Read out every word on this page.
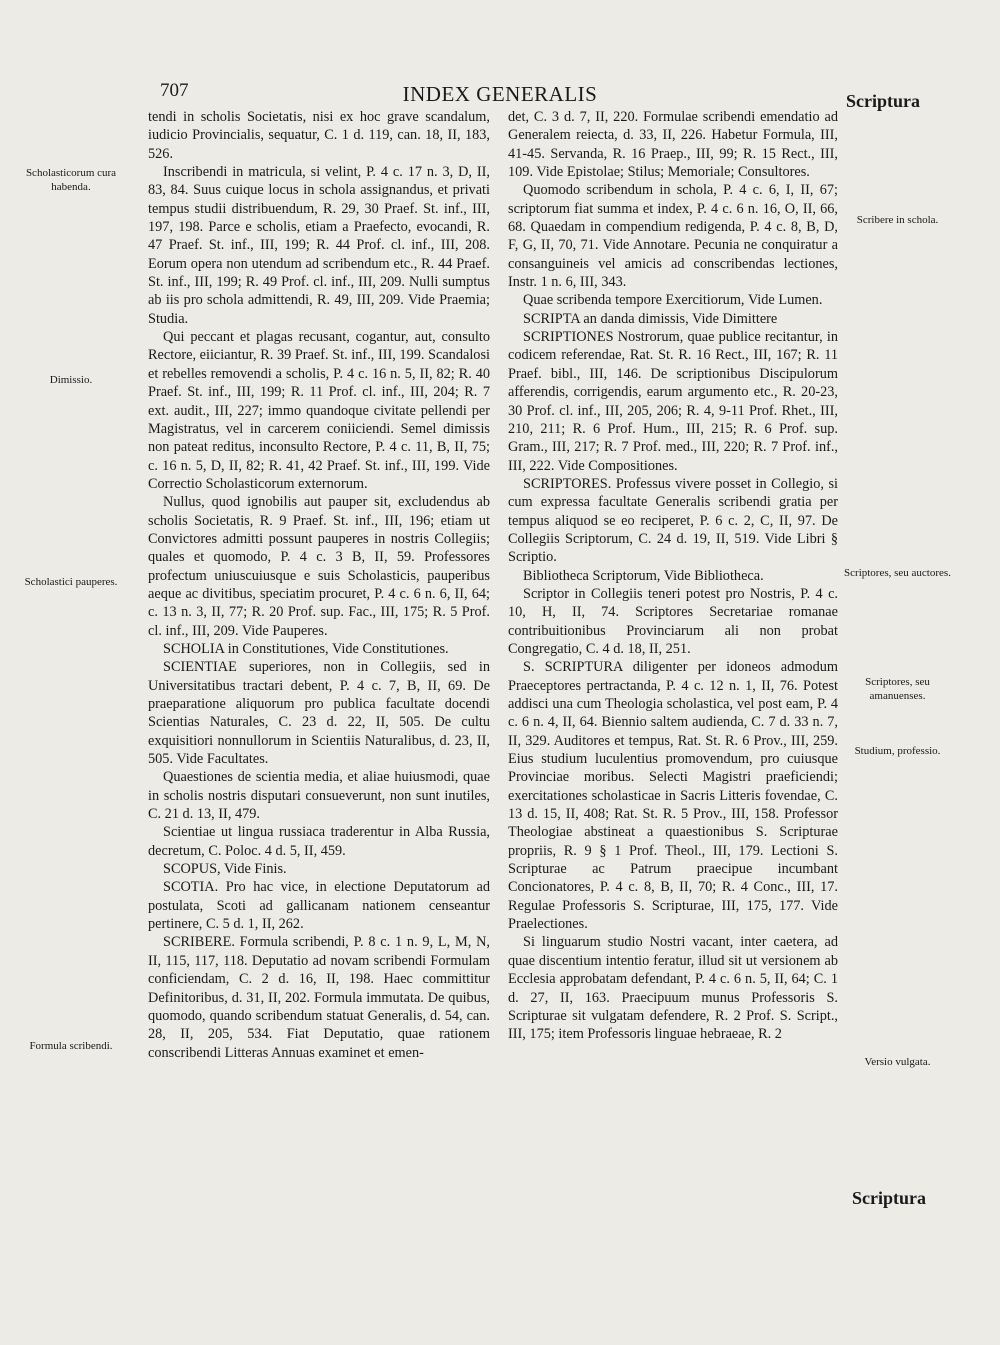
707	INDEX GENERALIS	Scriptura
Scholasticorum cura habenda.
Dimissio.
Scholastici pauperes.
Formula scribendi.
Scribere in schola.
Scriptores, seu auctores.
Scriptores, seu amanuenses.
Studium, professio.
Versio vulgata.

tendi in scholis Societatis, nisi ex hoc grave scandalum, iudicio Provincialis, sequatur, C. 1 d. 119, can. 18, II, 183, 526.

Inscribendi in matricula, si velint, P. 4 c. 17 n. 3, D, II, 83, 84. Suus cuique locus in schola assignandus, et privati tempus studii distribuendum, R. 29, 30 Praef. St. inf., III, 197, 198. Parce e scholis, etiam a Praefecto, evocandi, R. 47 Praef. St. inf., III, 199; R. 44 Prof. cl. inf., III, 208. Eorum opera non utendum ad scribendum etc., R. 44 Praef. St. inf., III, 199; R. 49 Prof. cl. inf., III, 209. Nulli sumptus ab iis pro schola admittendi, R. 49, III, 209. Vide Praemia; Studia.

Qui peccant et plagas recusant, cogantur, aut, consulto Rectore, eiiciantur, R. 39 Praef. St. inf., III, 199. Scandalosi et rebelles removendi a scholis, P. 4 c. 16 n. 5, II, 82; R. 40 Praef. St. inf., III, 199; R. 11 Prof. cl. inf., III, 204; R. 7 ext. audit., III, 227; immo quandoque civitate pellendi per Magistratus, vel in carcerem coniiciendi. Semel dimissis non pateat reditus, inconsulto Rectore, P. 4 c. 11, B, II, 75; c. 16 n. 5, D, II, 82; R. 41, 42 Praef. St. inf., III, 199. Vide Correctio Scholasticorum externorum.

Nullus, quod ignobilis aut pauper sit, excludendus ab scholis Societatis, R. 9 Praef. St. inf., III, 196; etiam ut Convictores admitti possunt pauperes in nostris Collegiis; quales et quomodo, P. 4 c. 3 B, II, 59. Professores profectum uniuscuiusque e suis Scholasticis, pauperibus aeque ac divitibus, speciatim procuret, P. 4 c. 6 n. 6, II, 64; c. 13 n. 3, II, 77; R. 20 Prof. sup. Fac., III, 175; R. 5 Prof. cl. inf., III, 209. Vide Pauperes.

SCHOLIA in Constitutiones, Vide Constitutiones.

SCIENTIAE superiores, non in Collegiis, sed in Universitatibus tractari debent, P. 4 c. 7, B, II, 69. De praeparatione aliquorum pro publica facultate docendi Scientias Naturales, C. 23 d. 22, II, 505. De cultu exquisitiori nonnullorum in Scientiis Naturalibus, d. 23, II, 505. Vide Facultates.

Quaestiones de scientia media, et aliae huiusmodi, quae in scholis nostris disputari consueverunt, non sunt inutiles, C. 21 d. 13, II, 479.

Scientiae ut lingua russiaca traderentur in Alba Russia, decretum, C. Poloc. 4 d. 5, II, 459.

SCOPUS, Vide Finis.

SCOTIA. Pro hac vice, in electione Deputatorum ad postulata, Scoti ad gallicanam nationem censeantur pertinere, C. 5 d. 1, II, 262.

SCRIBERE. Formula scribendi, P. 8 c. 1 n. 9, L, M, N, II, 115, 117, 118. Deputatio ad novam scribendi Formulam conficiendam, C. 2 d. 16, II, 198. Haec committitur Definitoribus, d. 31, II, 202. Formula immutata. De quibus, quomodo, quando scribendum statuat Generalis, d. 54, can. 28, II, 205, 534. Fiat Deputatio, quae rationem conscribendi Litteras Annuas examinet et emen-

det, C. 3 d. 7, II, 220. Formulae scribendi emendatio ad Generalem reiecta, d. 33, II, 226. Habetur Formula, III, 41-45. Servanda, R. 16 Praep., III, 99; R. 15 Rect., III, 109. Vide Epistolae; Stilus; Memoriale; Consultores.

Quomodo scribendum in schola, P. 4 c. 6, I, II, 67; scriptorum fiat summa et index, P. 4 c. 6 n. 16, O, II, 66, 68. Quaedam in compendium redigenda, P. 4 c. 8, B, D, F, G, II, 70, 71. Vide Annotare. Pecunia ne conquiratur a consanguineis vel amicis ad conscribendas lectiones, Instr. 1 n. 6, III, 343.

Quae scribenda tempore Exercitiorum, Vide Lumen.

SCRIPTA an danda dimissis, Vide Dimittere

SCRIPTIONES Nostrorum, quae publice recitantur, in codicem referendae, Rat. St. R. 16 Rect., III, 167; R. 11 Praef. bibl., III, 146. De scriptionibus Discipulorum afferendis, corrigendis, earum argumento etc., R. 20-23, 30 Prof. cl. inf., III, 205, 206; R. 4, 9-11 Prof. Rhet., III, 210, 211; R. 6 Prof. Hum., III, 215; R. 6 Prof. sup. Gram., III, 217; R. 7 Prof. med., III, 220; R. 7 Prof. inf., III, 222. Vide Compositiones.

SCRIPTORES. Professus vivere posset in Collegio, si cum expressa facultate Generalis scribendi gratia per tempus aliquod se eo reciperet, P. 6 c. 2, C, II, 97. De Collegiis Scriptorum, C. 24 d. 19, II, 519. Vide Libri § Scriptio.

Bibliotheca Scriptorum, Vide Bibliotheca.

Scriptor in Collegiis teneri potest pro Nostris, P. 4 c. 10, H, II, 74. Scriptores Secretariae romanae contribuitionibus Provinciarum ali non probat Congregatio, C. 4 d. 18, II, 251.

S. SCRIPTURA diligenter per idoneos admodum Praeceptores pertractanda, P. 4 c. 12 n. 1, II, 76. Potest addisci una cum Theologia scholastica, vel post eam, P. 4 c. 6 n. 4, II, 64. Biennio saltem audienda, C. 7 d. 33 n. 7, II, 329. Auditores et tempus, Rat. St. R. 6 Prov., III, 259. Eius studium luculentius promovendum, pro cuiusque Provinciae moribus. Selecti Magistri praeficiendi; exercitationes scholasticae in Sacris Litteris fovendae, C. 13 d. 15, II, 408; Rat. St. R. 5 Prov., III, 158. Professor Theologiae abstineat a quaestionibus S. Scripturae propriis, R. 9 § 1 Prof. Theol., III, 179. Lectioni S. Scripturae ac Patrum praecipue incumbant Concionatores, P. 4 c. 8, B, II, 70; R. 4 Conc., III, 17. Regulae Professoris S. Scripturae, III, 175, 177. Vide Praelectiones.

Si linguarum studio Nostri vacant, inter caetera, ad quae discentium intentio feratur, illud sit ut versionem ab Ecclesia approbatam defendant, P. 4 c. 6 n. 5, II, 64; C. 1 d. 27, II, 163. Praecipuum munus Professoris S. Scripturae sit vulgatam defendere, R. 2 Prof. S. Script., III, 175; item Professoris linguae hebraeae, R. 2

Scriptura
